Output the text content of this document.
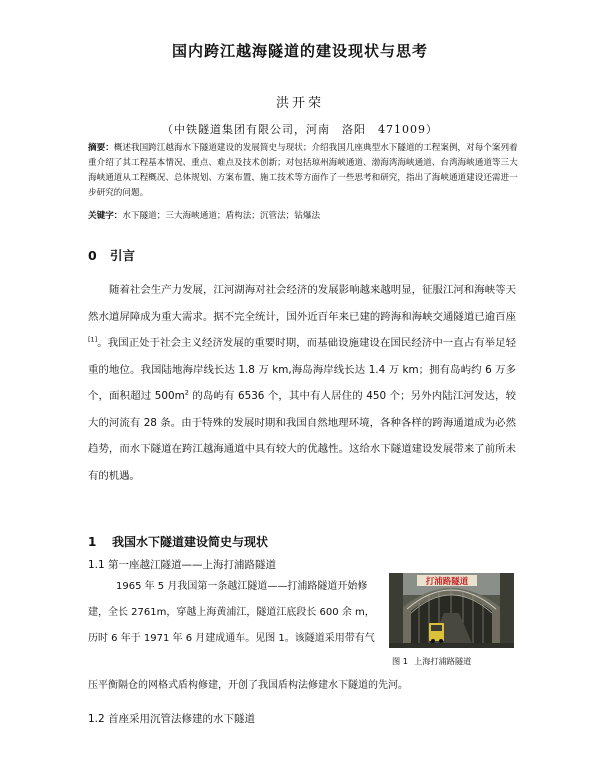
国内跨江越海隧道的建设现状与思考
洪开荣
（中铁隧道集团有限公司，河南　洛阳　471009）
摘要：概述我国跨江越海水下隧道建设的发展简史与现状；介绍我国几座典型水下隧道的工程案例，对每个案列着重介绍了其工程基本情况、重点、难点及技术创新；对包括琼州海峡通道、渤海湾海峡通道、台湾海峡通道等三大海峡通道从工程概况、总体规划、方案布置、施工技术等方面作了一些思考和研究，指出了海峡通道建设还需进一步研究的问题。
关键字：水下隧道；三大海峡通道；盾构法；沉管法；钻爆法
0 引言
随着社会生产力发展，江河湖海对社会经济的发展影响越来越明显，征服江河和海峡等天然水道屏障成为重大需求。据不完全统计，国外近百年来已建的跨海和海峡交通隧道已逾百座[1]。我国正处于社会主义经济发展的重要时期，而基础设施建设在国民经济中一直占有举足轻重的地位。我国陆地海岸线长达 1.8 万 km,海岛海岸线长达 1.4 万 km；拥有岛屿约 6 万多个，面积超过 $500m^2$ 的岛屿有 6536 个，其中有人居住的 450 个；另外内陆江河发达，较大的河流有 28 条。由于特殊的发展时期和我国自然地理环境，各种各样的跨海通道成为必然趋势，而水下隧道在跨江越海通道中具有较大的优越性。这给水下隧道建设发展带来了前所未有的机遇。
1 我国水下隧道建设简史与现状
1.1 第一座越江隧道——上海打浦路隧道
1965 年 5 月我国第一条越江隧道——打浦路隧道开始修建，全长 2761m，穿越上海黄浦江，隧道江底段长 600 余 m，历时 6 年于 1971 年 6 月建成通车。见图 1。该隧道采用带有气
打浦路隧道
图 1 上海打浦路隧道
压平衡隔仓的网格式盾构修建，开创了我国盾构法修建水下隧道的先河。
1.2 首座采用沉管法修建的水下隧道
